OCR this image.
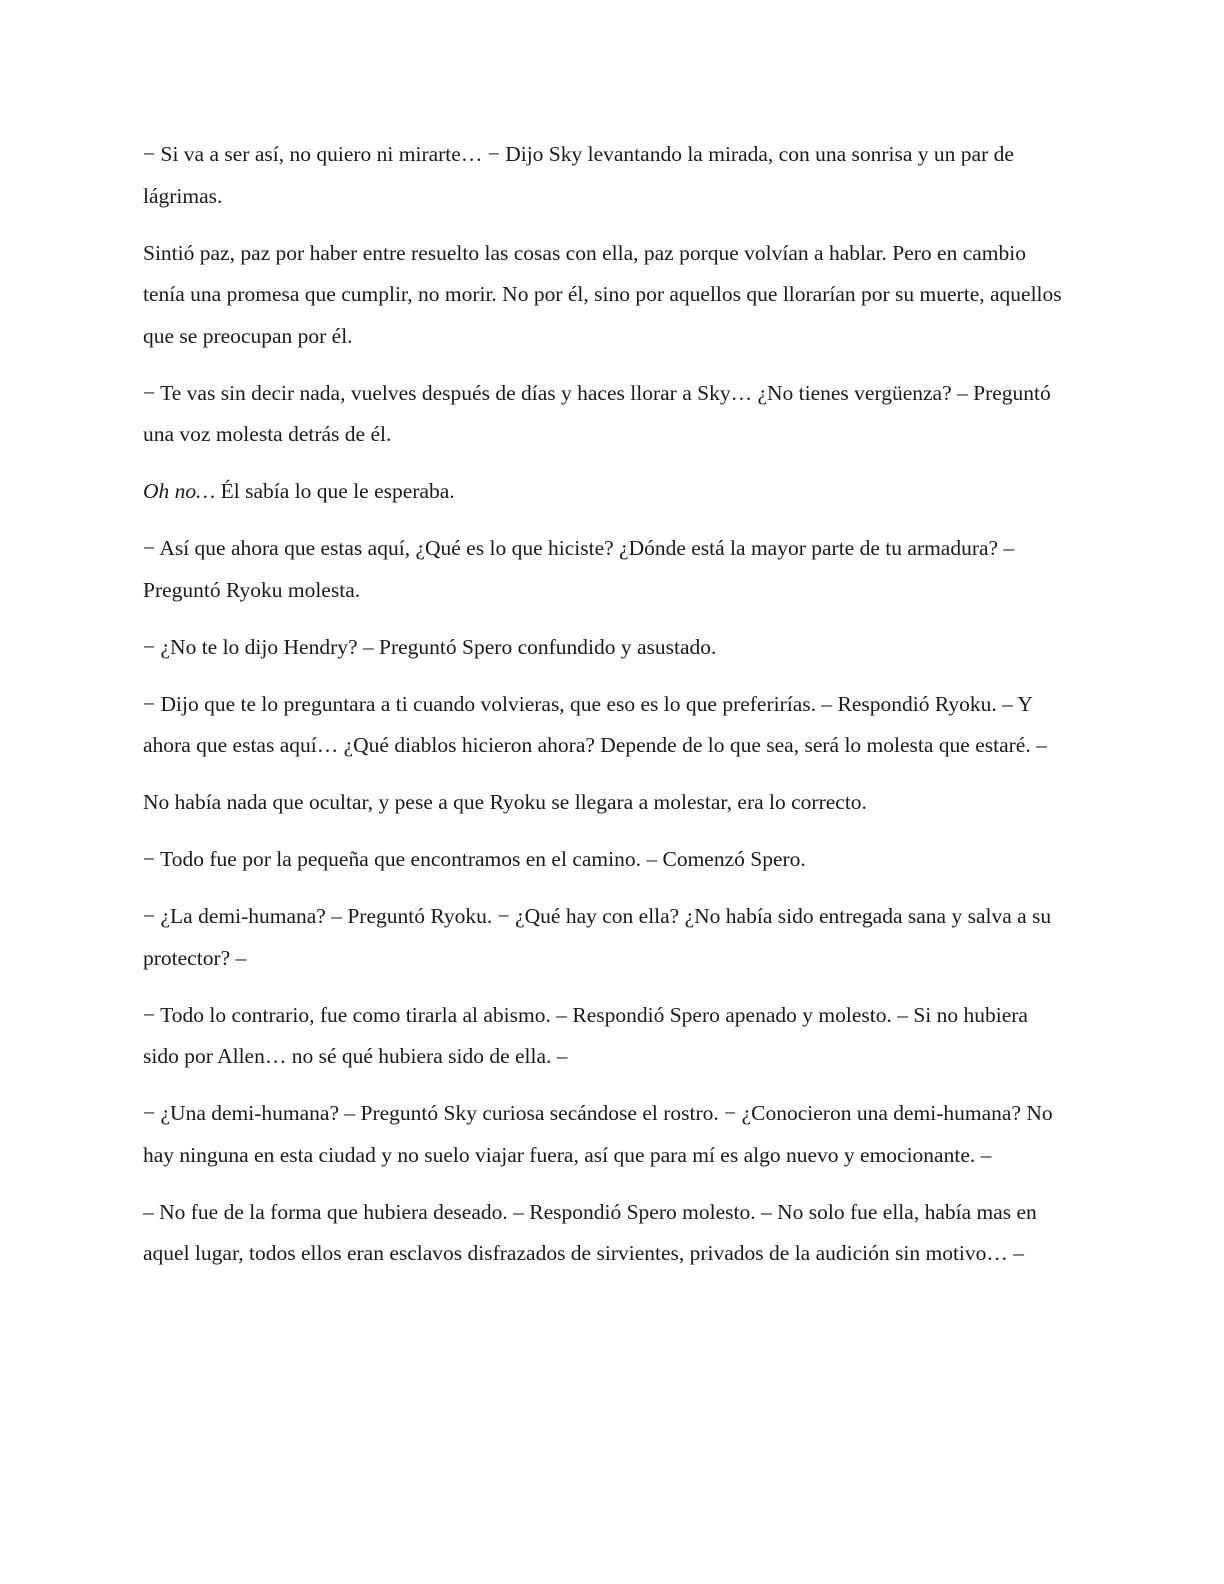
− Si va a ser así, no quiero ni mirarte… − Dijo Sky levantando la mirada, con una sonrisa y un par de lágrimas.

Sintió paz, paz por haber entre resuelto las cosas con ella, paz porque volvían a hablar. Pero en cambio tenía una promesa que cumplir, no morir. No por él, sino por aquellos que llorarían por su muerte, aquellos que se preocupan por él.

− Te vas sin decir nada, vuelves después de días y haces llorar a Sky… ¿No tienes vergüenza? – Preguntó una voz molesta detrás de él.

Oh no… Él sabía lo que le esperaba.

− Así que ahora que estas aquí, ¿Qué es lo que hiciste? ¿Dónde está la mayor parte de tu armadura? – Preguntó Ryoku molesta.

− ¿No te lo dijo Hendry? – Preguntó Spero confundido y asustado.

− Dijo que te lo preguntara a ti cuando volvieras, que eso es lo que preferirías. – Respondió Ryoku. – Y ahora que estas aquí… ¿Qué diablos hicieron ahora? Depende de lo que sea, será lo molesta que estaré. –

No había nada que ocultar, y pese a que Ryoku se llegara a molestar, era lo correcto.

− Todo fue por la pequeña que encontramos en el camino. – Comenzó Spero.

− ¿La demi-humana? – Preguntó Ryoku. − ¿Qué hay con ella? ¿No había sido entregada sana y salva a su protector? –

− Todo lo contrario, fue como tirarla al abismo. – Respondió Spero apenado y molesto. – Si no hubiera sido por Allen… no sé qué hubiera sido de ella. –

− ¿Una demi-humana? – Preguntó Sky curiosa secándose el rostro. − ¿Conocieron una demi-humana? No hay ninguna en esta ciudad y no suelo viajar fuera, así que para mí es algo nuevo y emocionante. –

– No fue de la forma que hubiera deseado. – Respondió Spero molesto. – No solo fue ella, había mas en aquel lugar, todos ellos eran esclavos disfrazados de sirvientes, privados de la audición sin motivo… –
